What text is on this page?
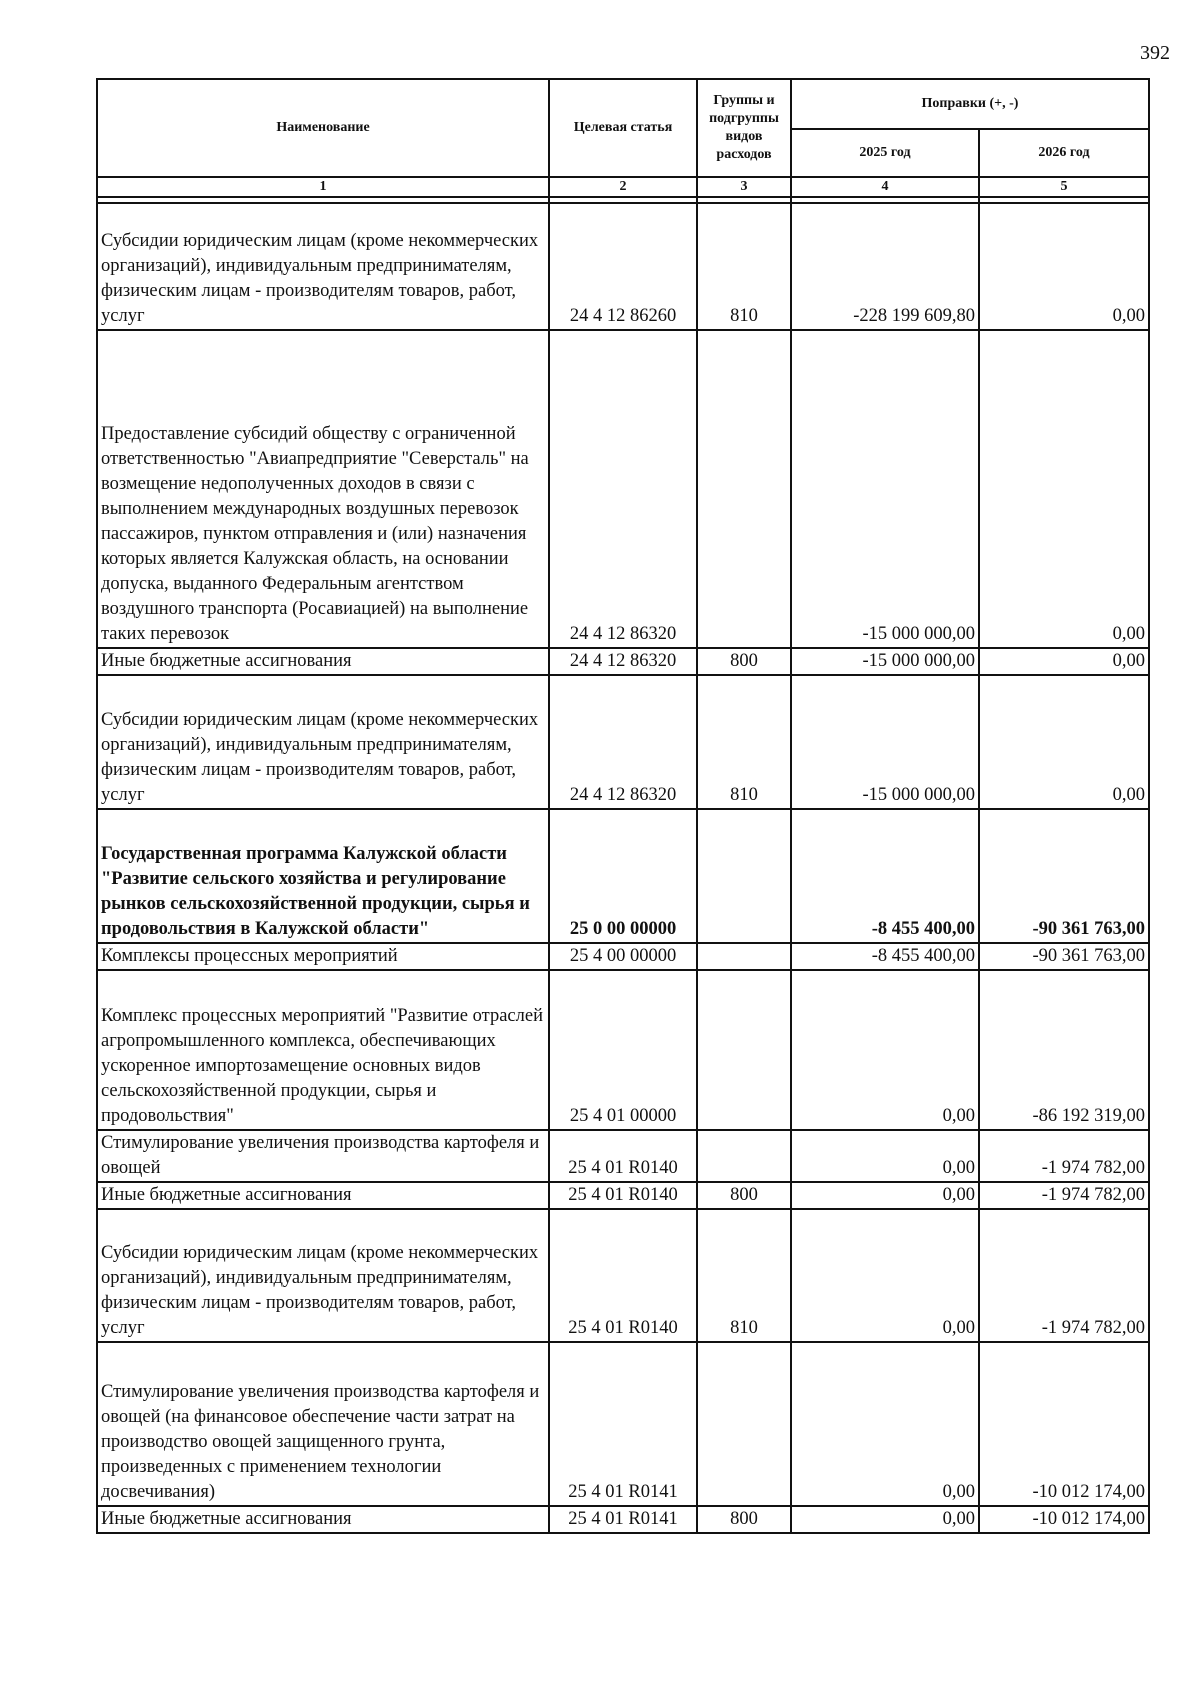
392
Наименование	Целевая статья	Группы и
подгруппы
видов
расходов	Поправки (+, -)	
			2025 год	2026 год
1	2	3	4	5

Субсидии юридическим лицам (кроме некоммерческих организаций), индивидуальным предпринимателям, физическим лицам - производителям товаров, работ, услуг	24 4 12 86260	810	-228 199 609,80	0,00
Предоставление субсидий обществу с ограниченной ответственностью "Авиапредприятие "Северсталь" на возмещение недополученных доходов в связи с выполнением международных воздушных перевозок пассажиров, пунктом отправления и (или) назначения которых является Калужская область, на основании допуска, выданного Федеральным агентством воздушного транспорта (Росавиацией) на выполнение таких перевозок	24 4 12 86320		-15 000 000,00	0,00
Иные бюджетные ассигнования	24 4 12 86320	800	-15 000 000,00	0,00
Субсидии юридическим лицам (кроме некоммерческих организаций), индивидуальным предпринимателям, физическим лицам - производителям товаров, работ, услуг	24 4 12 86320	810	-15 000 000,00	0,00
Государственная программа Калужской области "Развитие сельского хозяйства и регулирование рынков сельскохозяйственной продукции, сырья и продовольствия в Калужской области"	25 0 00 00000		-8 455 400,00	-90 361 763,00
Комплексы процессных мероприятий	25 4 00 00000		-8 455 400,00	-90 361 763,00
Комплекс процессных мероприятий "Развитие отраслей агропромышленного комплекса, обеспечивающих ускоренное импортозамещение основных видов сельскохозяйственной продукции, сырья и продовольствия"	25 4 01 00000		0,00	-86 192 319,00
Стимулирование увеличения производства картофеля и овощей	25 4 01 R0140		0,00	-1 974 782,00
Иные бюджетные ассигнования	25 4 01 R0140	800	0,00	-1 974 782,00
Субсидии юридическим лицам (кроме некоммерческих организаций), индивидуальным предпринимателям, физическим лицам - производителям товаров, работ, услуг	25 4 01 R0140	810	0,00	-1 974 782,00
Стимулирование увеличения производства картофеля и овощей (на финансовое обеспечение части затрат на производство овощей защищенного грунта, произведенных с применением технологии досвечивания)	25 4 01 R0141		0,00	-10 012 174,00
Иные бюджетные ассигнования	25 4 01 R0141	800	0,00	-10 012 174,00
